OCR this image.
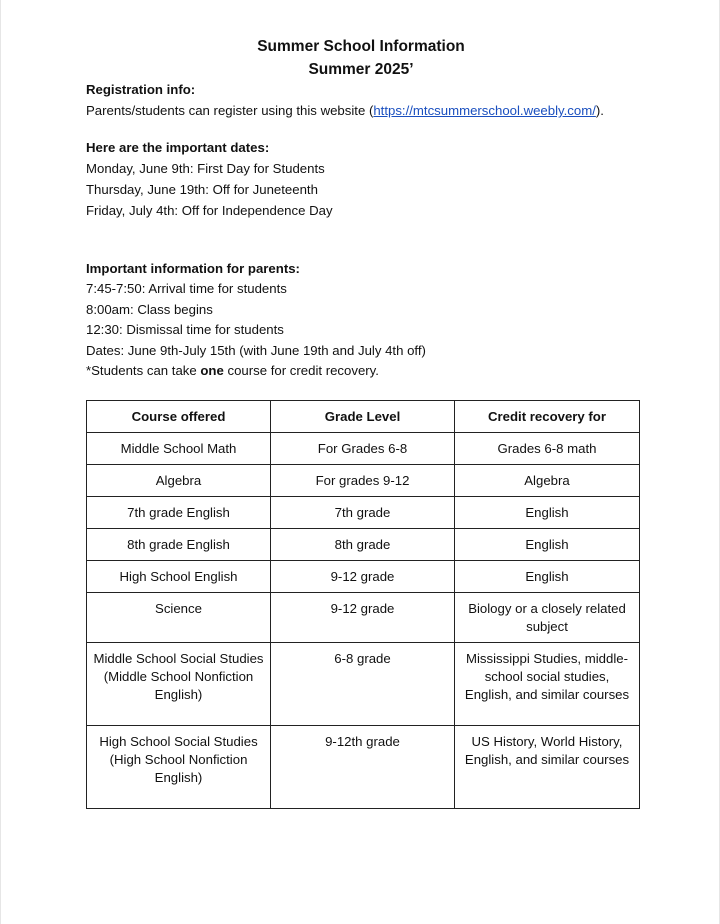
Summer School Information
Summer 2025’
Registration info:
Parents/students can register using this website (https://mtcsummerschool.weebly.com/).
Here are the important dates:
Monday, June 9th: First Day for Students
Thursday, June 19th: Off for Juneteenth
Friday, July 4th: Off for Independence Day
Important information for parents:
7:45-7:50: Arrival time for students
8:00am: Class begins
12:30: Dismissal time for students
Dates: June 9th-July 15th (with June 19th and July 4th off)
*Students can take one course for credit recovery.
Course offered	Grade Level	Credit recovery for
Middle School Math	For Grades 6-8	Grades 6-8 math
Algebra	For grades 9-12	Algebra
7th grade English	7th grade	English
8th grade English	8th grade	English
High School English	9-12 grade	English
Science	9-12 grade	Biology or a closely related subject
Middle School Social Studies (Middle School Nonfiction English)	6-8 grade	Mississippi Studies, middle-school social studies, English, and similar courses
High School Social Studies (High School Nonfiction English)	9-12th grade	US History, World History, English, and similar courses
